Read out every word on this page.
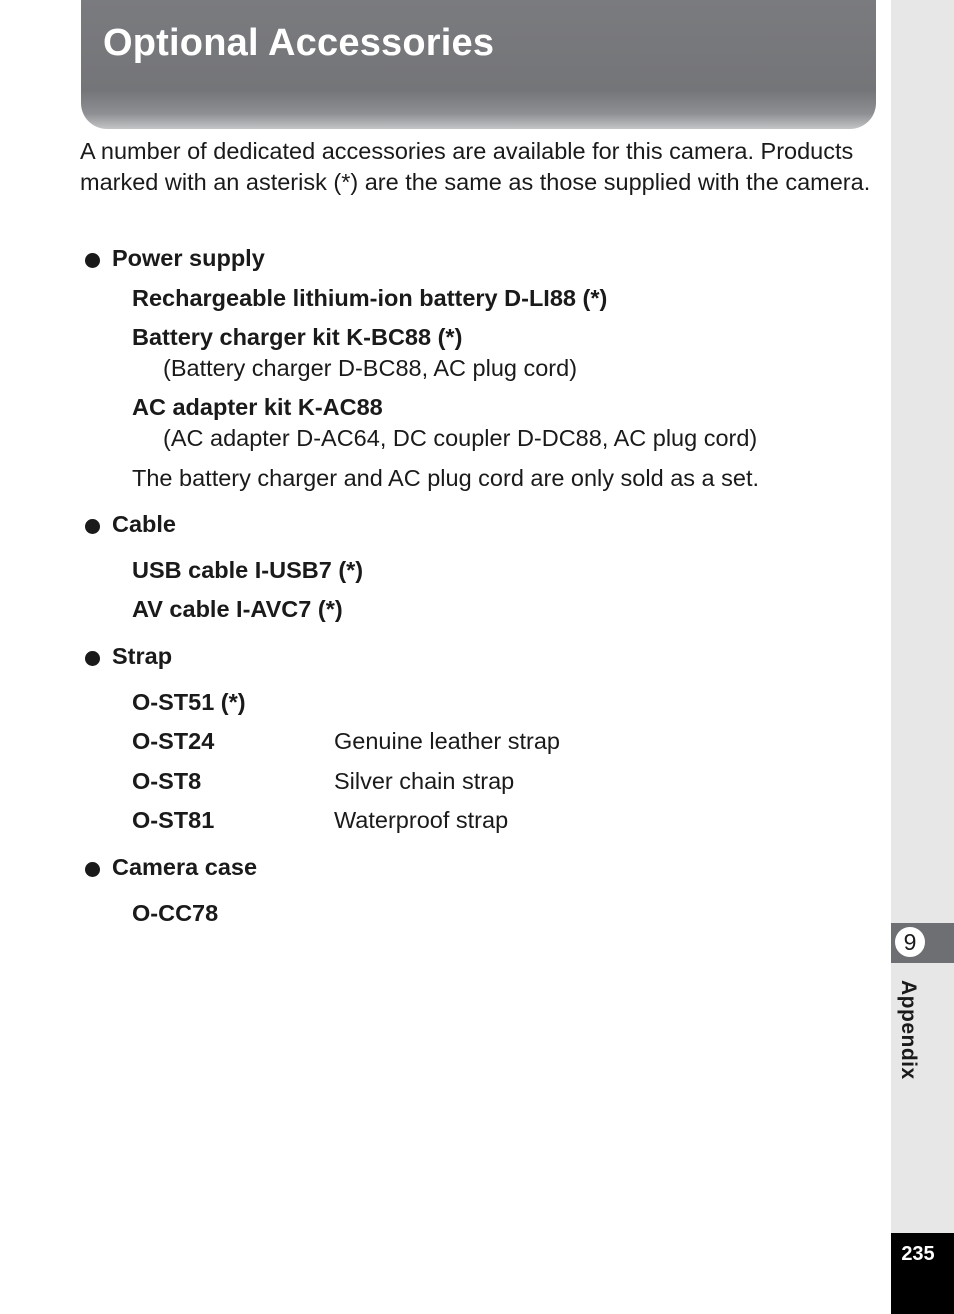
Optional Accessories

A number of dedicated accessories are available for this camera. Products marked with an asterisk (*) are the same as those supplied with the camera.

Power supply
Rechargeable lithium-ion battery D-LI88 (*)
Battery charger kit K-BC88 (*)
(Battery charger D-BC88, AC plug cord)
AC adapter kit K-AC88
(AC adapter D-AC64, DC coupler D-DC88, AC plug cord)
The battery charger and AC plug cord are only sold as a set.
Cable
USB cable I-USB7 (*)
AV cable I-AVC7 (*)
Strap
O-ST51 (*)
O-ST24	Genuine leather strap
O-ST8	Silver chain strap
O-ST81	Waterproof strap
Camera case
O-CC78
9
Appendix
235
